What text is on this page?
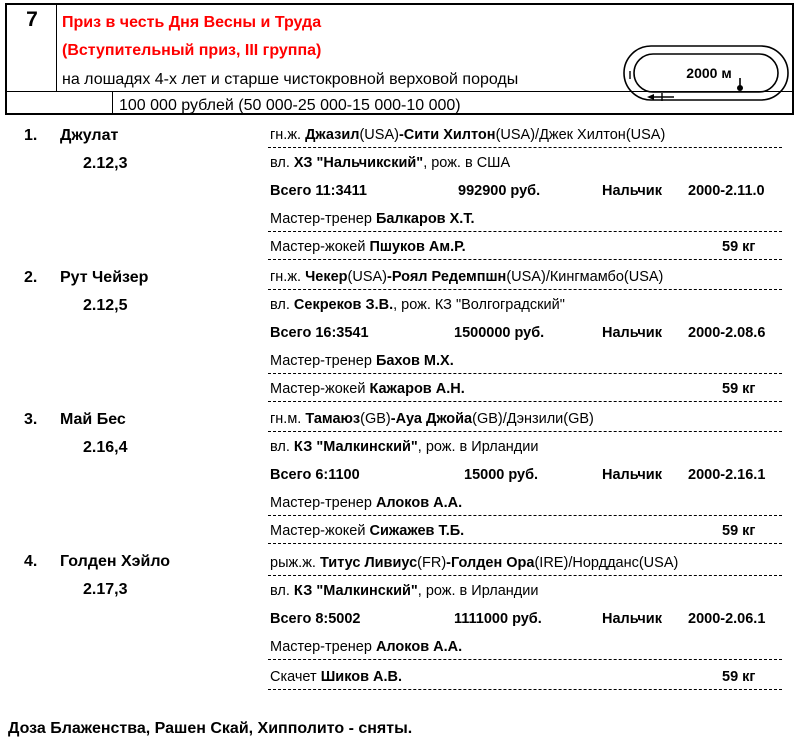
7	Приз в честь Дня Весны и Труда
(Вступительный приз, III группа)
на лошадях 4-х лет и старше чистокровной верховой породы
100 000 рублей (50 000-25 000-15 000-10 000)
2000 м
1. Джулат
2.12,3
гн.ж. Джазил(USA)-Сити Хилтон(USA)/Джек Хилтон(USA)
вл. ХЗ "Нальчикский", рож. в США
Всего 11:3411	992900 руб.	Нальчик 2000-2.11.0
Мастер-тренер Балкаров Х.Т.
Мастер-жокей Пшуков Ам.Р.	59 кг
2. Рут Чейзер
2.12,5
гн.ж. Чекер(USA)-Роял Редемпшн(USA)/Кингмамбо(USA)
вл. Секреков З.В., рож. КЗ "Волгоградский"
Всего 16:3541	1500000 руб.	Нальчик 2000-2.08.6
Мастер-тренер Бахов М.Х.
Мастер-жокей Кажаров А.Н.	59 кг
3. Май Бес
2.16,4
гн.м. Тамаюз(GB)-Ауа Джойа(GB)/Дэнзили(GB)
вл. КЗ "Малкинский", рож. в Ирландии
Всего 6:1100	15000 руб.	Нальчик 2000-2.16.1
Мастер-тренер Алоков А.А.
Мастер-жокей Сижажев Т.Б.	59 кг
4. Голден Хэйло
2.17,3
рыж.ж. Титус Ливиус(FR)-Голден Ора(IRE)/Нордданс(USA)
вл. КЗ "Малкинский", рож. в Ирландии
Всего 8:5002	1111000 руб.	Нальчик 2000-2.06.1
Мастер-тренер Алоков А.А.
Скачет Шиков А.В.	59 кг
Доза Блаженства, Рашен Скай, Хипполито - сняты.
